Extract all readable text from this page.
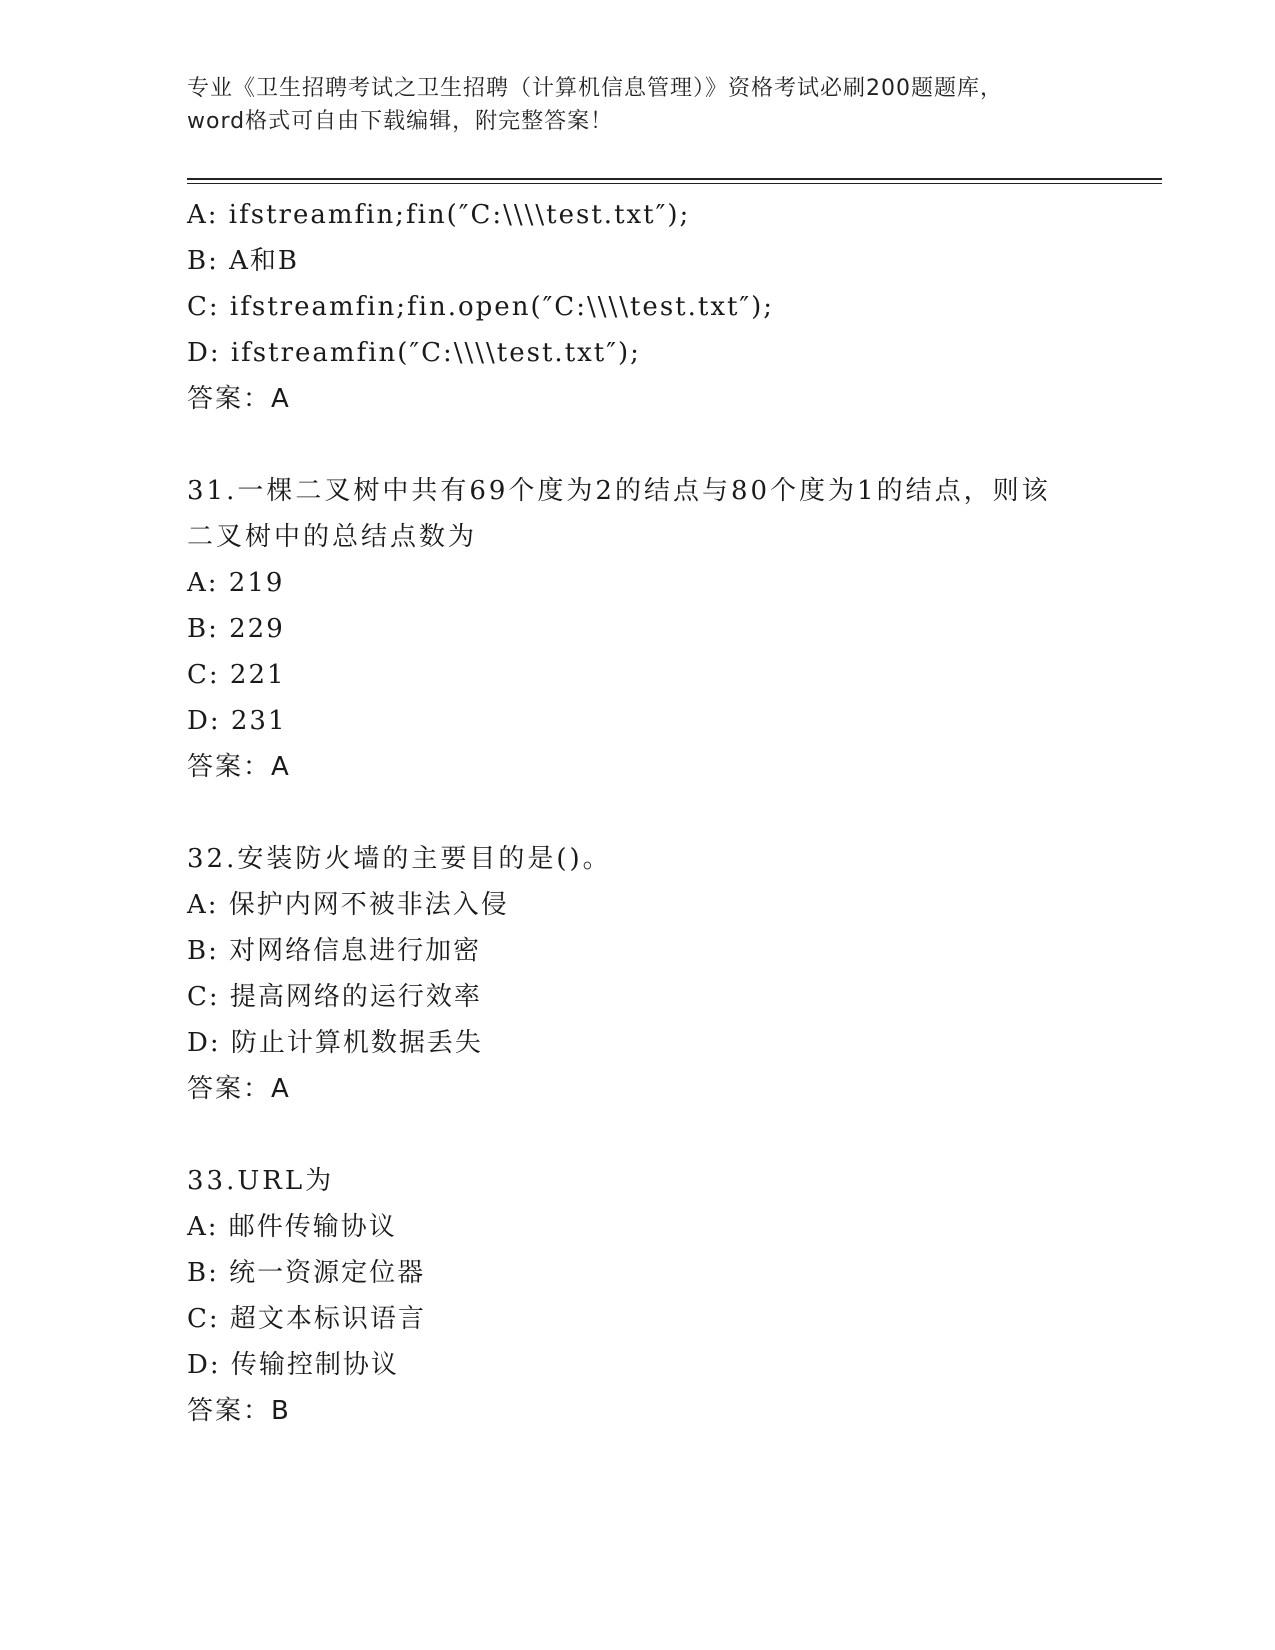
专业《卫生招聘考试之卫生招聘（计算机信息管理）》资格考试必刷200题题库，
word格式可自由下载编辑，附完整答案！
A: ifstreamfin;fin(″C:\\\\test.txt″);
B: A和B
C: ifstreamfin;fin.open(″C:\\\\test.txt″);
D: ifstreamfin(″C:\\\\test.txt″);
答案：A
31.一棵二叉树中共有69个度为2的结点与80个度为1的结点，则该
二叉树中的总结点数为
A: 219
B: 229
C: 221
D: 231
答案：A
32.安装防火墙的主要目的是()。
A: 保护内网不被非法入侵
B: 对网络信息进行加密
C: 提高网络的运行效率
D: 防止计算机数据丢失
答案：A
33.URL为
A: 邮件传输协议
B: 统一资源定位器
C: 超文本标识语言
D: 传输控制协议
答案：B
